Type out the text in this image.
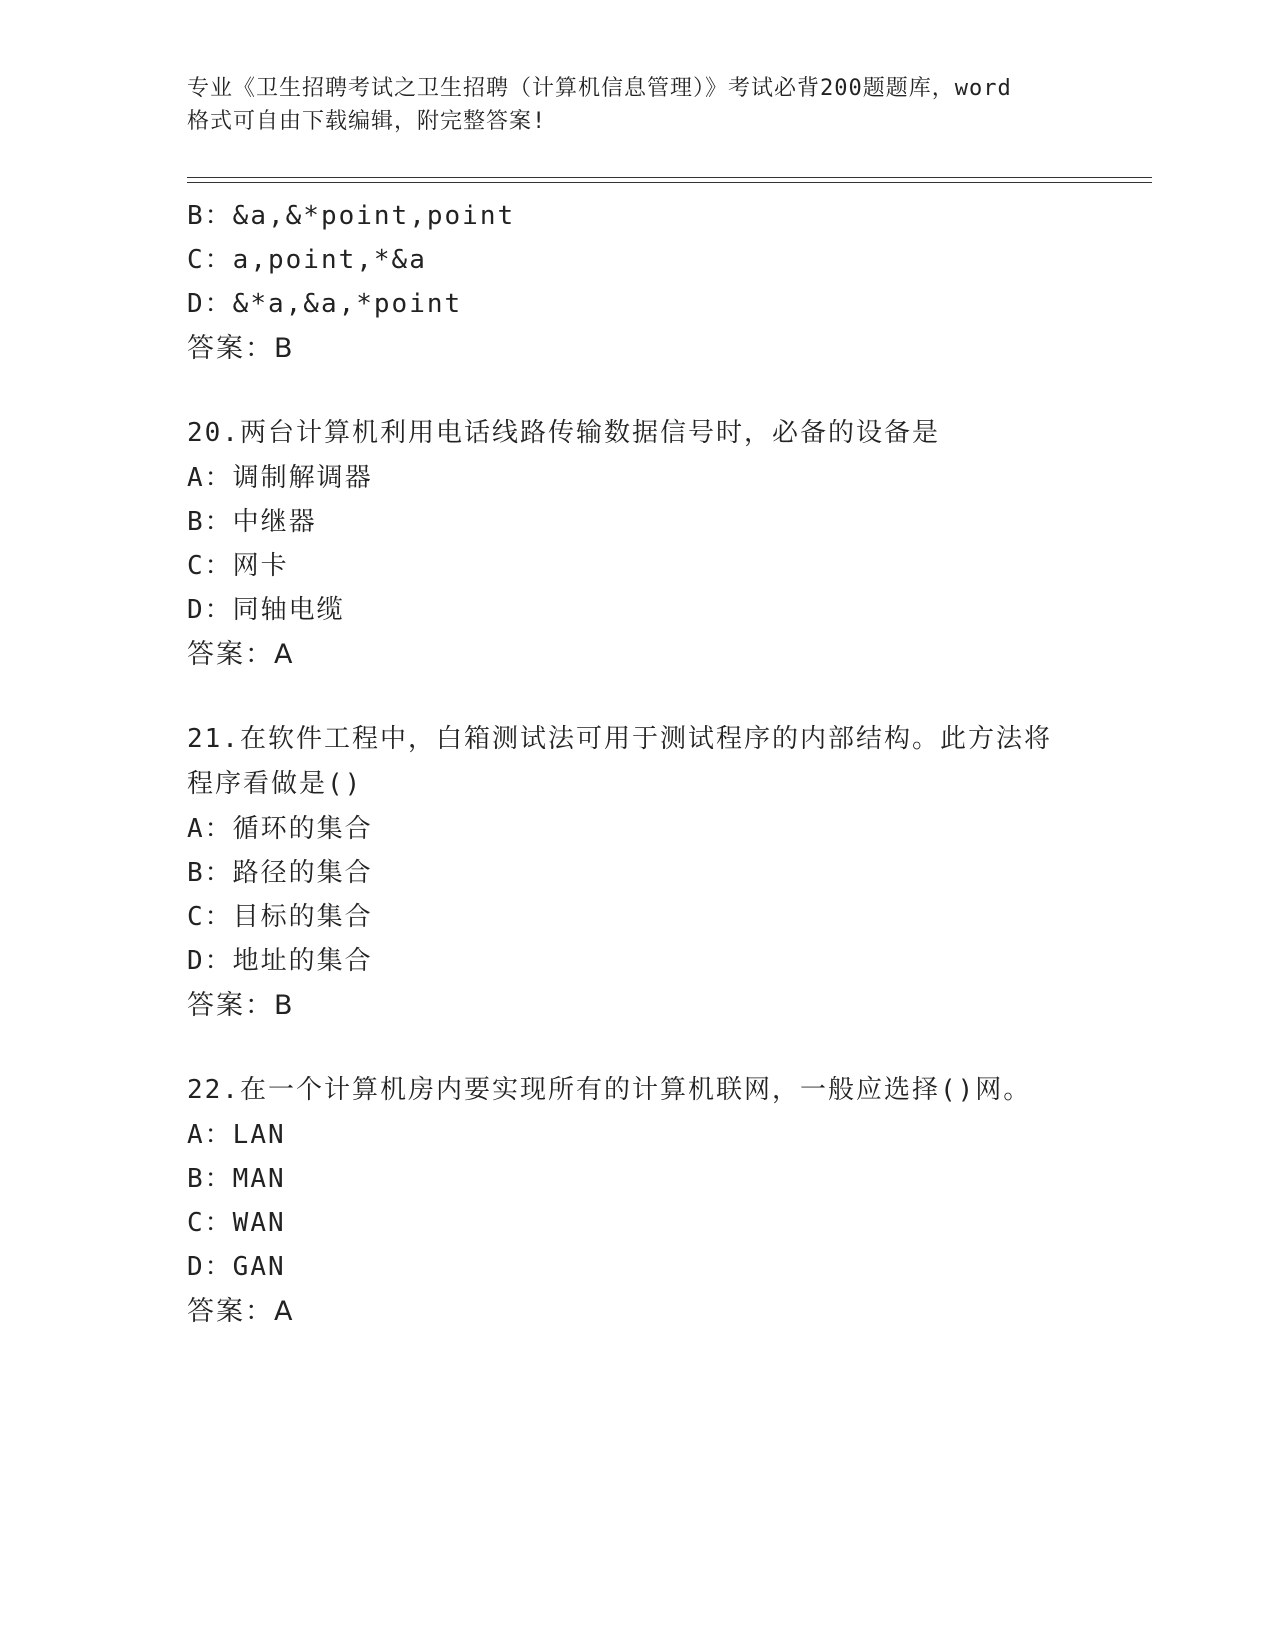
专业《卫生招聘考试之卫生招聘（计算机信息管理）》考试必背200题题库，word
格式可自由下载编辑，附完整答案!
B：&a,&*point,point
C：a,point,*&a
D：&*a,&a,*point
答案：B
20.两台计算机利用电话线路传输数据信号时，必备的设备是
A：调制解调器
B：中继器
C：网卡
D：同轴电缆
答案：A
21.在软件工程中，白箱测试法可用于测试程序的内部结构。此方法将程序看做是()
A：循环的集合
B：路径的集合
C：目标的集合
D：地址的集合
答案：B
22.在一个计算机房内要实现所有的计算机联网，一般应选择()网。
A：LAN
B：MAN
C：WAN
D：GAN
答案：A
